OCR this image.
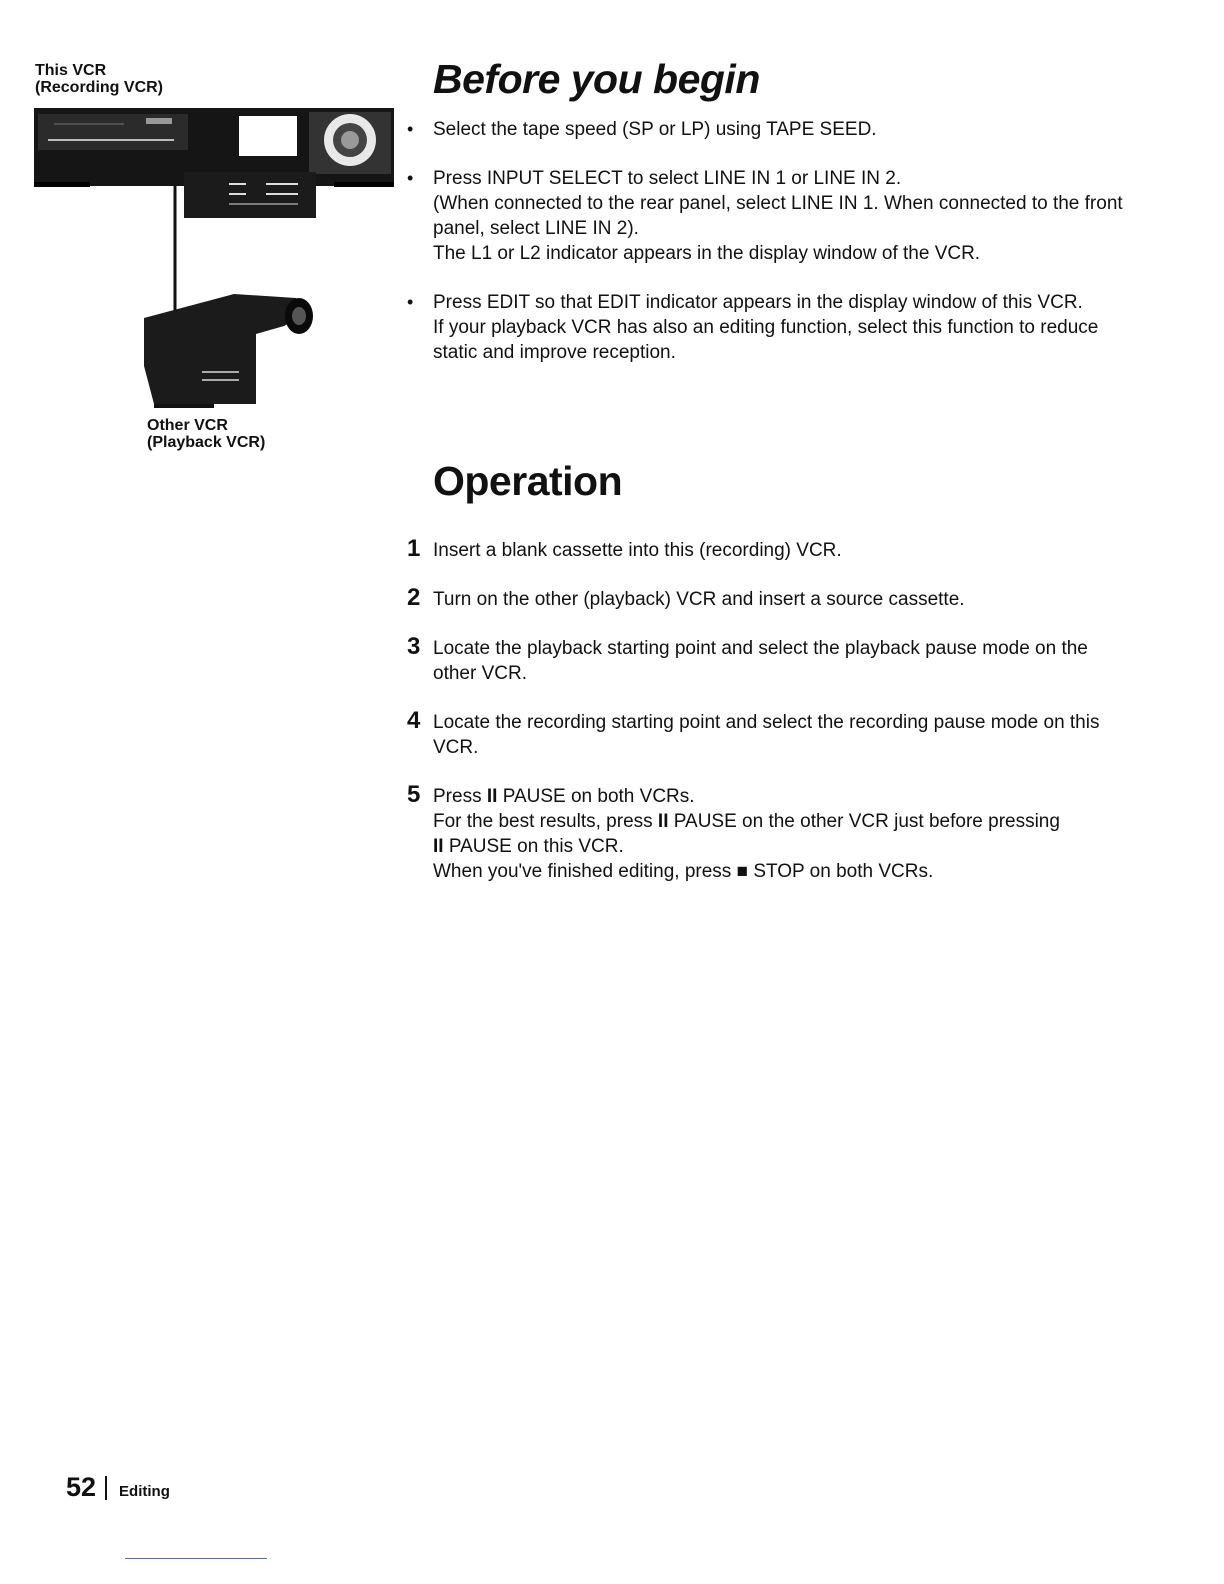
This VCR
(Recording VCR)
Other VCR
(Playback VCR)
Before you begin
• Select the tape speed (SP or LP) using TAPE SEED.
• Press INPUT SELECT to select LINE IN 1 or LINE IN 2.
(When connected to the rear panel, select LINE IN 1. When connected to the front
panel, select LINE IN 2).
The L1 or L2 indicator appears in the display window of the VCR.
• Press EDIT so that EDIT indicator appears in the display window of this VCR.
If your playback VCR has also an editing function, select this function to reduce
static and improve reception.
Operation
1 Insert a blank cassette into this (recording) VCR.
2 Turn on the other (playback) VCR and insert a source cassette.
3 Locate the playback starting point and select the playback pause mode on the
other VCR.
4 Locate the recording starting point and select the recording pause mode on this
VCR.
5 Press II PAUSE on both VCRs.
For the best results, press II PAUSE on the other VCR just before pressing
II PAUSE on this VCR.
When you've finished editing, press ■ STOP on both VCRs.
52 Editing
